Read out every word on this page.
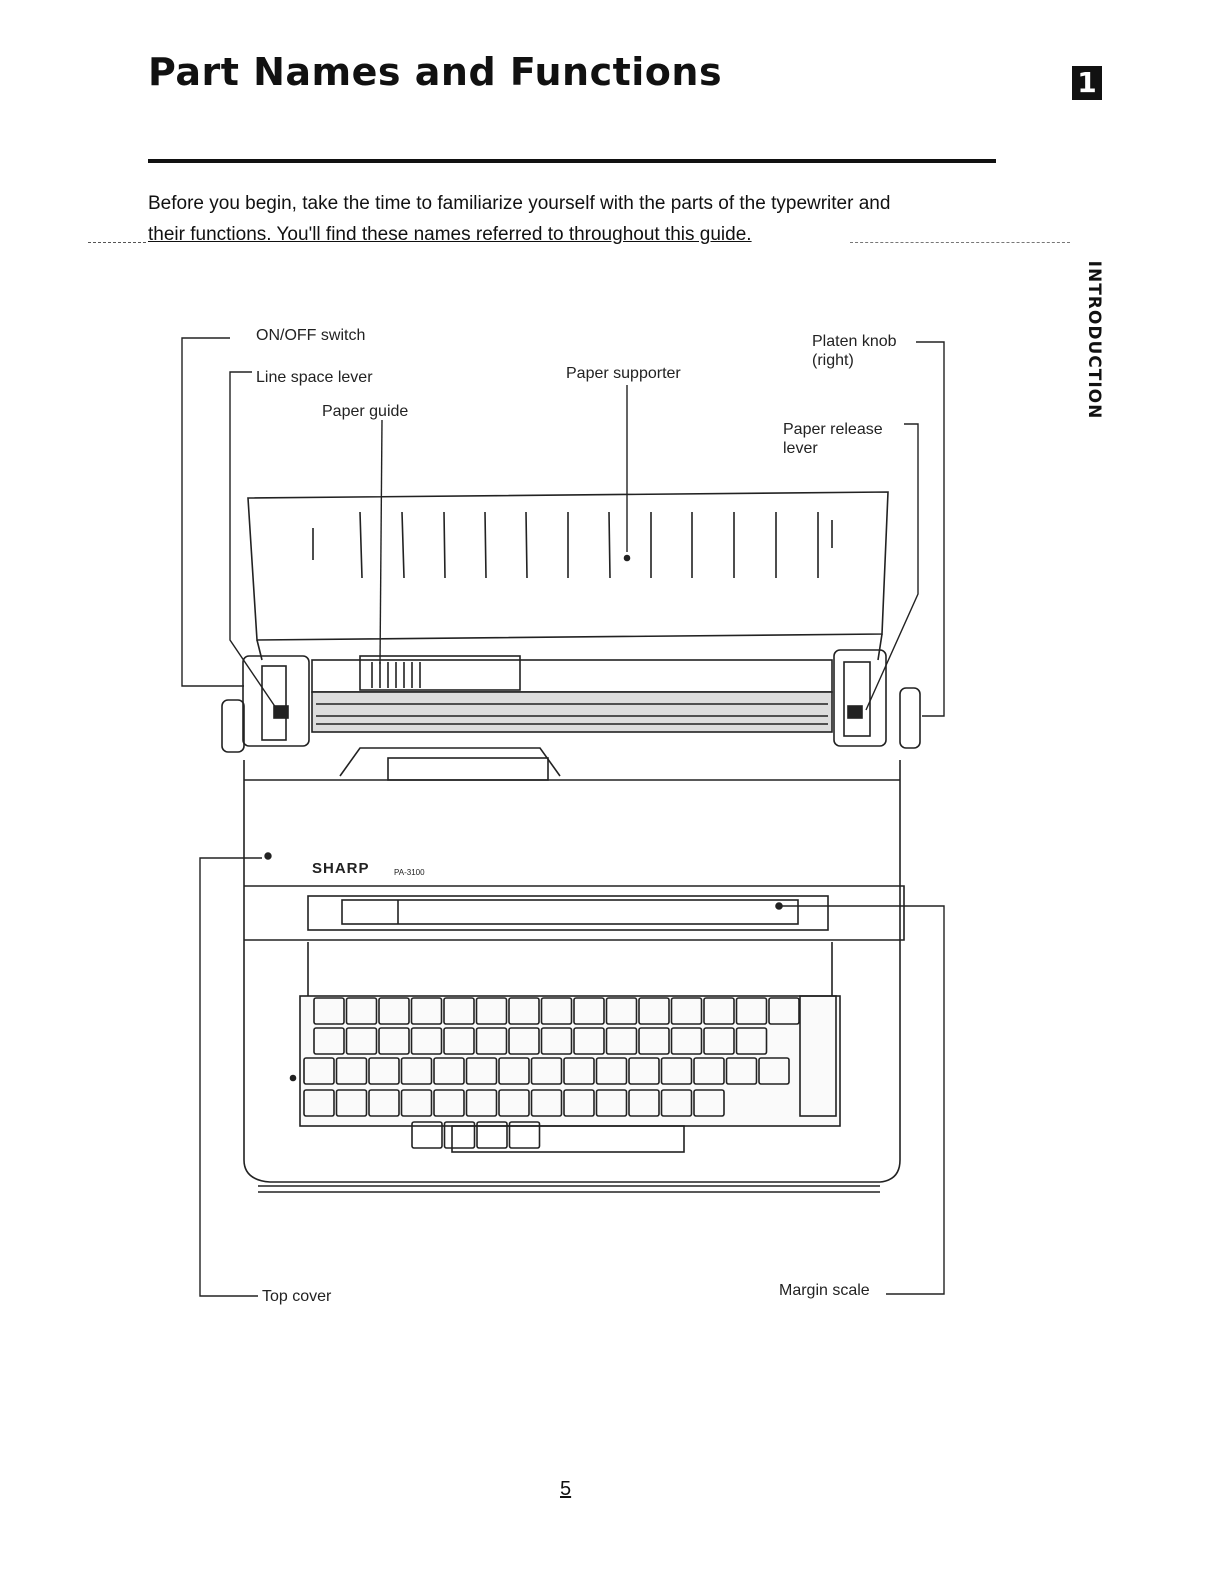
Part Names and Functions	1
INTRODUCTION
Before you begin, take the time to familiarize yourself with the parts of the typewriter and
their functions. You'll find these names referred to throughout this guide.
SHARP	PA-3100
ON/OFF switch
Line space lever
Paper guide
Paper supporter
Platen knob
(right)
Paper release
lever
Top cover	Margin scale
5
